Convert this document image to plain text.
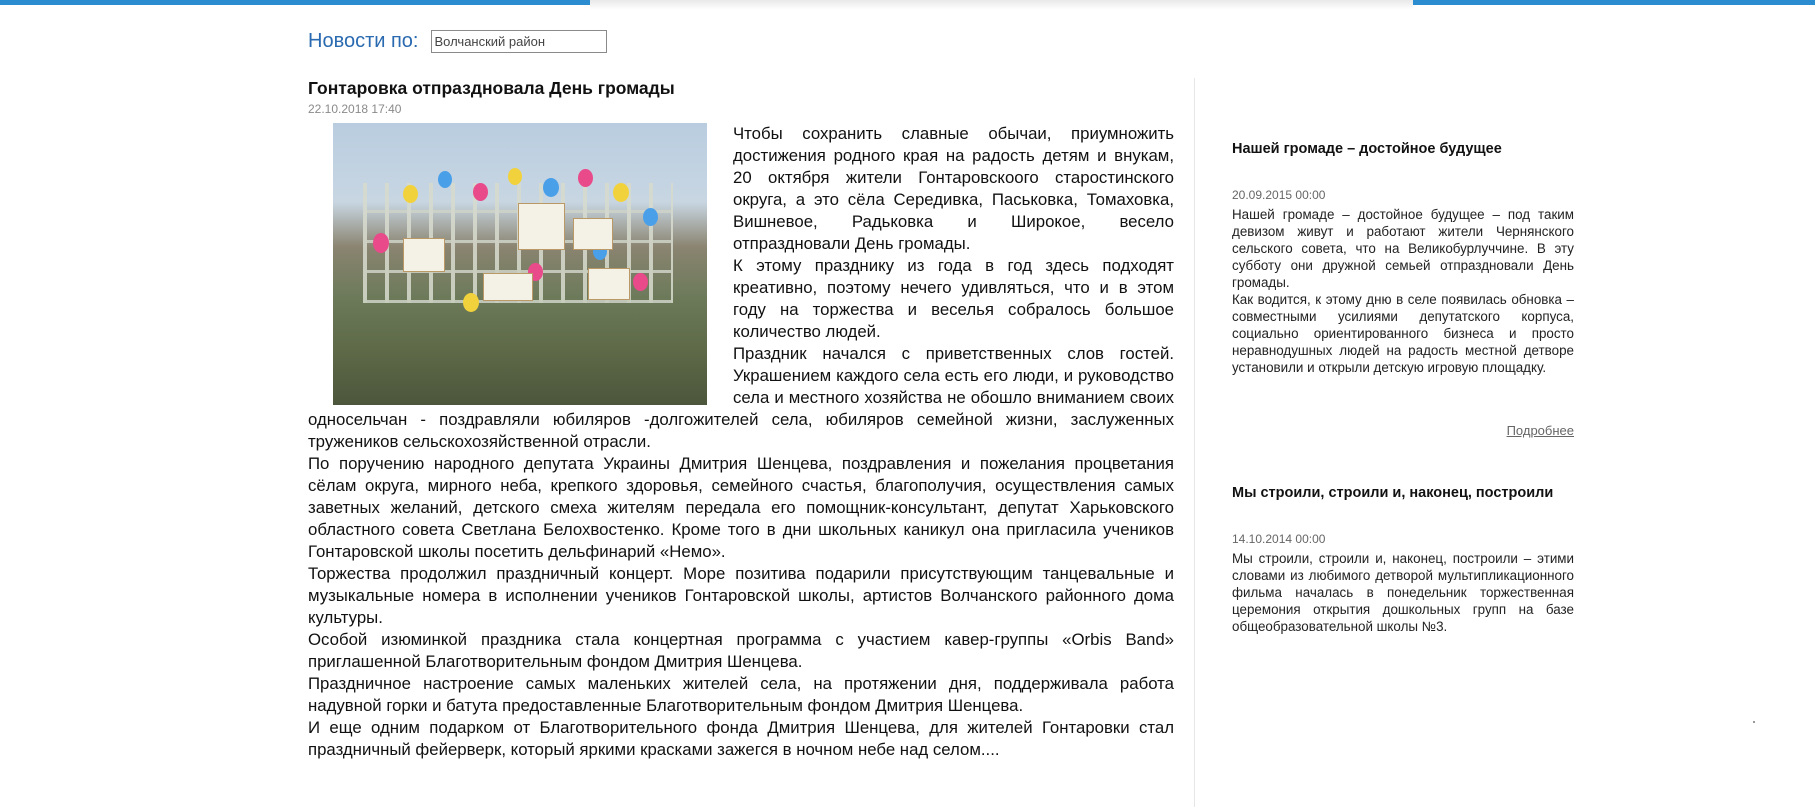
Новости по:
Волчанский район
Гонтаровка отпраздновала День громады
22.10.2018 17:40

Чтобы сохранить славные обычаи, приумножить достижения родного края на радость детям и внукам, 20 октября жители Гонтаровскоого старостинского округа, а это сёла Середивка, Паськовка, Томаховка, Вишневое, Радьковка и Широкое, весело отпраздновали День громады.

К этому празднику из года в год здесь подходят креативно, поэтому нечего удивляться, что и в этом году на торжества и веселья собралось большое количество людей.

Праздник начался с приветственных слов гостей. Украшением каждого села есть его люди, и руководство села и местного хозяйства не обошло вниманием своих односельчан - поздравляли юбиляров -долгожителей села, юбиляров семейной жизни, заслуженных тружеников сельскохозяйственной отрасли.

По поручению народного депутата Украины Дмитрия Шенцева, поздравления и пожелания процветания сёлам округа, мирного неба, крепкого здоровья, семейного счастья, благополучия, осуществления самых заветных желаний, детского смеха жителям передала его помощник-консультант, депутат Харьковского областного совета Светлана Белохвостенко. Кроме того в дни школьных каникул она пригласила учеников Гонтаровской школы посетить дельфинарий «Немо».

Торжества продолжил праздничный концерт. Море позитива подарили присутствующим танцевальные и музыкальные номера в исполнении учеников Гонтаровской школы, артистов Волчанского районного дома культуры.

Особой изюминкой праздника стала концертная программа с участием кавер-группы «Orbis Band» приглашенной Благотворительным фондом Дмитрия Шенцева.

Праздничное настроение самых маленьких жителей села, на протяжении дня, поддерживала работа надувной горки и батута предоставленные Благотворительным фондом Дмитрия Шенцева.

И еще одним подарком от Благотворительного фонда Дмитрия Шенцева, для жителей Гонтаровки стал праздничный фейерверк, который яркими красками зажегся в ночном небе над селом....

Нашей громаде – достойное будущее
20.09.2015 00:00

Нашей громаде – достойное будущее – под таким девизом живут и работают жители Чернянского сельского совета, что на Великобурлуччине. В эту субботу они дружной семьей отпраздновали День громады.

Как водится, к этому дню в селе появилась обновка – совместными усилиями депутатского корпуса, социально ориентированного бизнеса и просто неравнодушных людей на радость местной детворе установили и открыли детскую игровую площадку.

Подробнее
Мы строили, строили и, наконец, построили
14.10.2014 00:00

Мы строили, строили и, наконец, построили – этими словами из любимого детворой мультипликационного фильма началась в понедельник торжественная церемония открытия дошкольных групп на базе общеобразовательной школы №3.
